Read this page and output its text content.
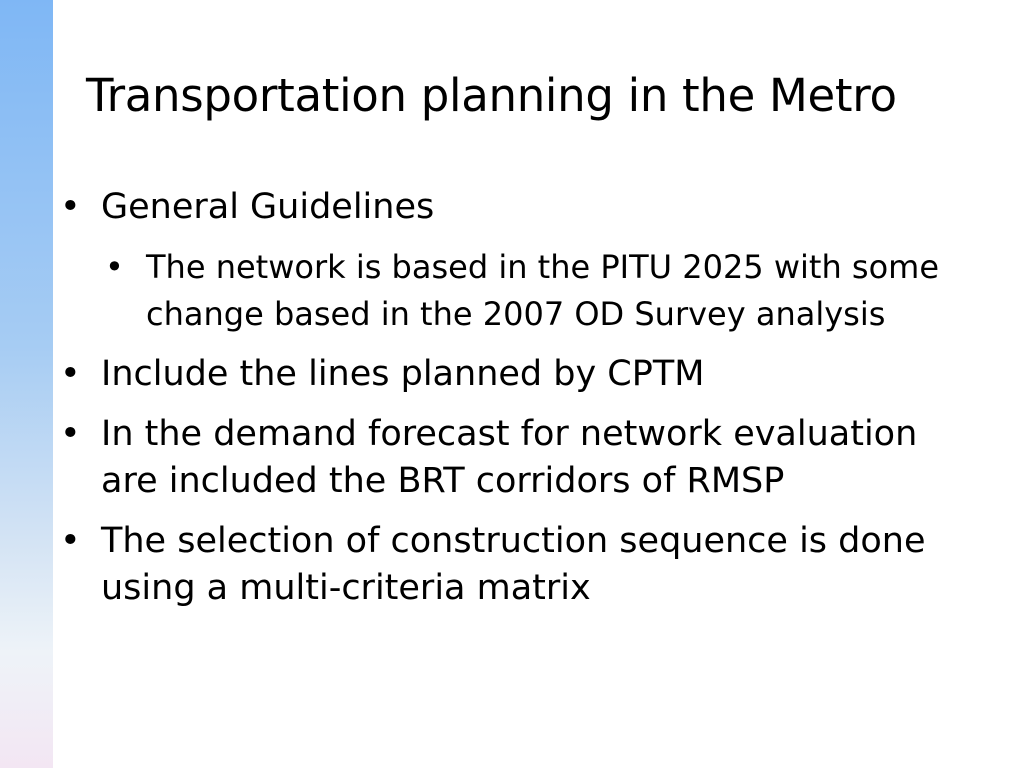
Transportation planning in the Metro
• General Guidelines
• The network is based in the PITU 2025 with some change based in the 2007 OD Survey analysis
• Include the lines planned by CPTM
• In the demand forecast for network evaluation are included the BRT corridors of RMSP
• The selection of construction sequence is done using a multi-criteria matrix
